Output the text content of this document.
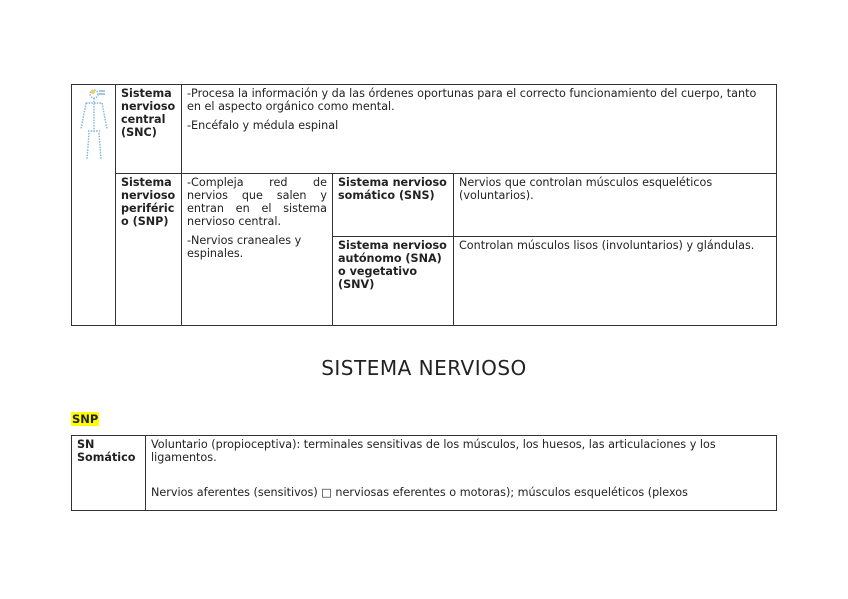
Sistema nervioso central (SNC)

-Procesa la información y da las órdenes oportunas para el correcto funcionamiento del cuerpo, tanto en el aspecto orgánico como mental.

-Encéfalo y médula espinal

Sistema nervioso periférico (SNP)

-Compleja red de nervios que salen y entran en el sistema nervioso central.

-Nervios craneales y espinales.

Sistema nervioso somático (SNS)
Nervios que controlan músculos esqueléticos (voluntarios).
Sistema nervioso autónomo (SNA) o vegetativo (SNV)
Controlan músculos lisos (involuntarios) y glándulas.
SISTEMA NERVIOSO
SNP
SN Somático

Voluntario (propioceptiva): terminales sensitivas de los músculos, los huesos, las articulaciones y los ligamentos.

Nervios aferentes (sensitivos) □ nerviosas eferentes o motoras); músculos esqueléticos (plexos
